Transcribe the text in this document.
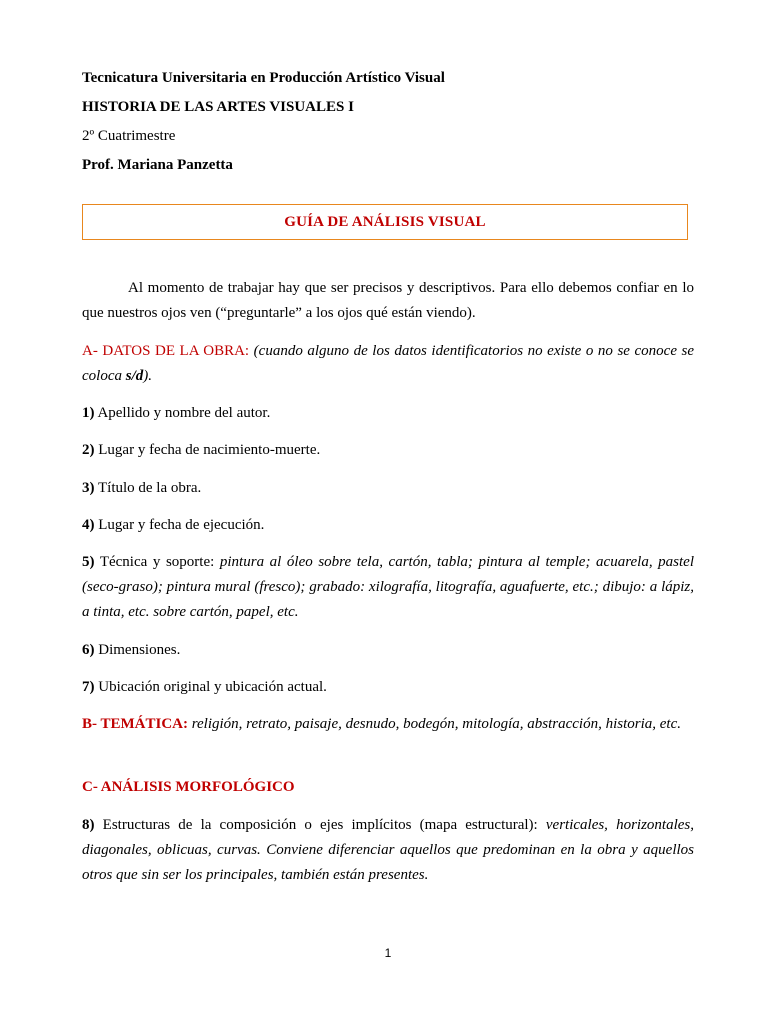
Tecnicatura Universitaria en Producción Artístico Visual
HISTORIA DE LAS ARTES VISUALES I
2º Cuatrimestre
Prof. Mariana Panzetta
GUÍA DE ANÁLISIS VISUAL
Al momento de trabajar hay que ser precisos y descriptivos. Para ello debemos confiar en lo que nuestros ojos ven (“preguntarle” a los ojos qué están viendo).
A- DATOS DE LA OBRA: (cuando alguno de los datos identificatorios no existe o no se conoce se coloca s/d).
1) Apellido y nombre del autor.
2) Lugar y fecha de nacimiento-muerte.
3) Título de la obra.
4) Lugar y fecha de ejecución.
5) Técnica y soporte: pintura al óleo sobre tela, cartón, tabla; pintura al temple; acuarela, pastel (seco-graso); pintura mural (fresco); grabado: xilografía, litografía, aguafuerte, etc.; dibujo: a lápiz, a tinta, etc. sobre cartón, papel, etc.
6) Dimensiones.
7) Ubicación original y ubicación actual.
B- TEMÁTICA: religión, retrato, paisaje, desnudo, bodegón, mitología, abstracción, historia, etc.
C- ANÁLISIS MORFOLÓGICO
8) Estructuras de la composición o ejes implícitos (mapa estructural): verticales, horizontales, diagonales, oblicuas, curvas. Conviene diferenciar aquellos que predominan en la obra y aquellos otros que sin ser los principales, también están presentes.
1
